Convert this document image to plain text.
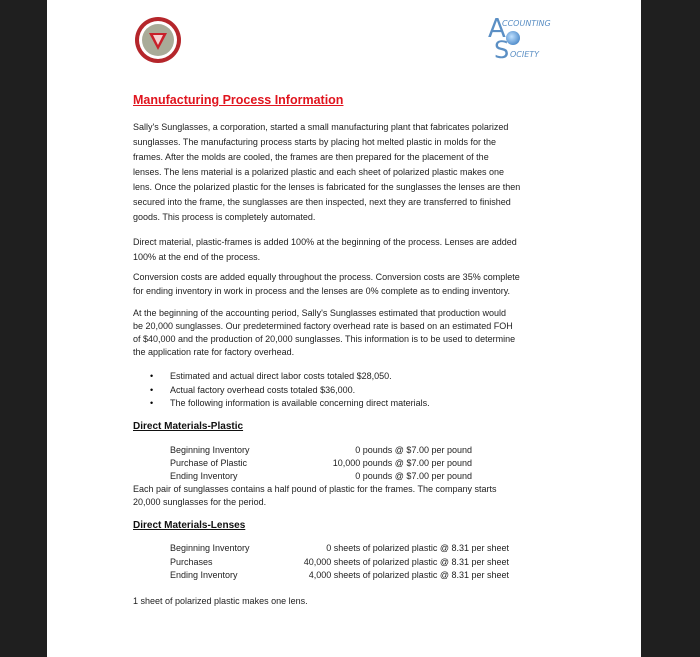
A
CCOUNTING
S OCIETY
Manufacturing Process Information
Direct Materials-Plastic
Direct Materials-Lenses
1 sheet of polarized plastic makes one lens.
Sally's Sunglasses, a corporation, started a small manufacturing plant that fabricates polarized
sunglasses. The manufacturing process starts by placing hot melted plastic in molds for the
frames. After the molds are cooled, the frames are then prepared for the placement of the
lenses. The lens material is a polarized plastic and each sheet of polarized plastic makes one
lens. Once the polarized plastic for the lenses is fabricated for the sunglasses the lenses are then
secured into the frame, the sunglasses are then inspected, next they are transferred to finished
goods. This process is completely automated.
Direct material, plastic-frames is added 100% at the beginning of the process. Lenses are added
100% at the end of the process.
Conversion costs are added equally throughout the process. Conversion costs are 35% complete
for ending inventory in work in process and the lenses are 0% complete as to ending inventory.
At the beginning of the accounting period, Sally's Sunglasses estimated that production would
be 20,000 sunglasses. Our predetermined factory overhead rate is based on an estimated FOH
of $40,000 and the production of 20,000 sunglasses. This information is to be used to determine
the application rate for factory overhead.
• Estimated and actual direct labor costs totaled $28,050.
• Actual factory overhead costs totaled $36,000.
• The following information is available concerning direct materials.
Beginning Inventory	0 pounds @ $7.00 per pound
Purchase of Plastic	10,000 pounds @ $7.00 per pound
Ending Inventory	0 pounds @ $7.00 per pound
Each pair of sunglasses contains a half pound of plastic for the frames. The company starts
20,000 sunglasses for the period.
Beginning Inventory	0 sheets of polarized plastic @ 8.31 per sheet
Purchases	40,000 sheets of polarized plastic @ 8.31 per sheet
Ending Inventory	4,000 sheets of polarized plastic @ 8.31 per sheet
